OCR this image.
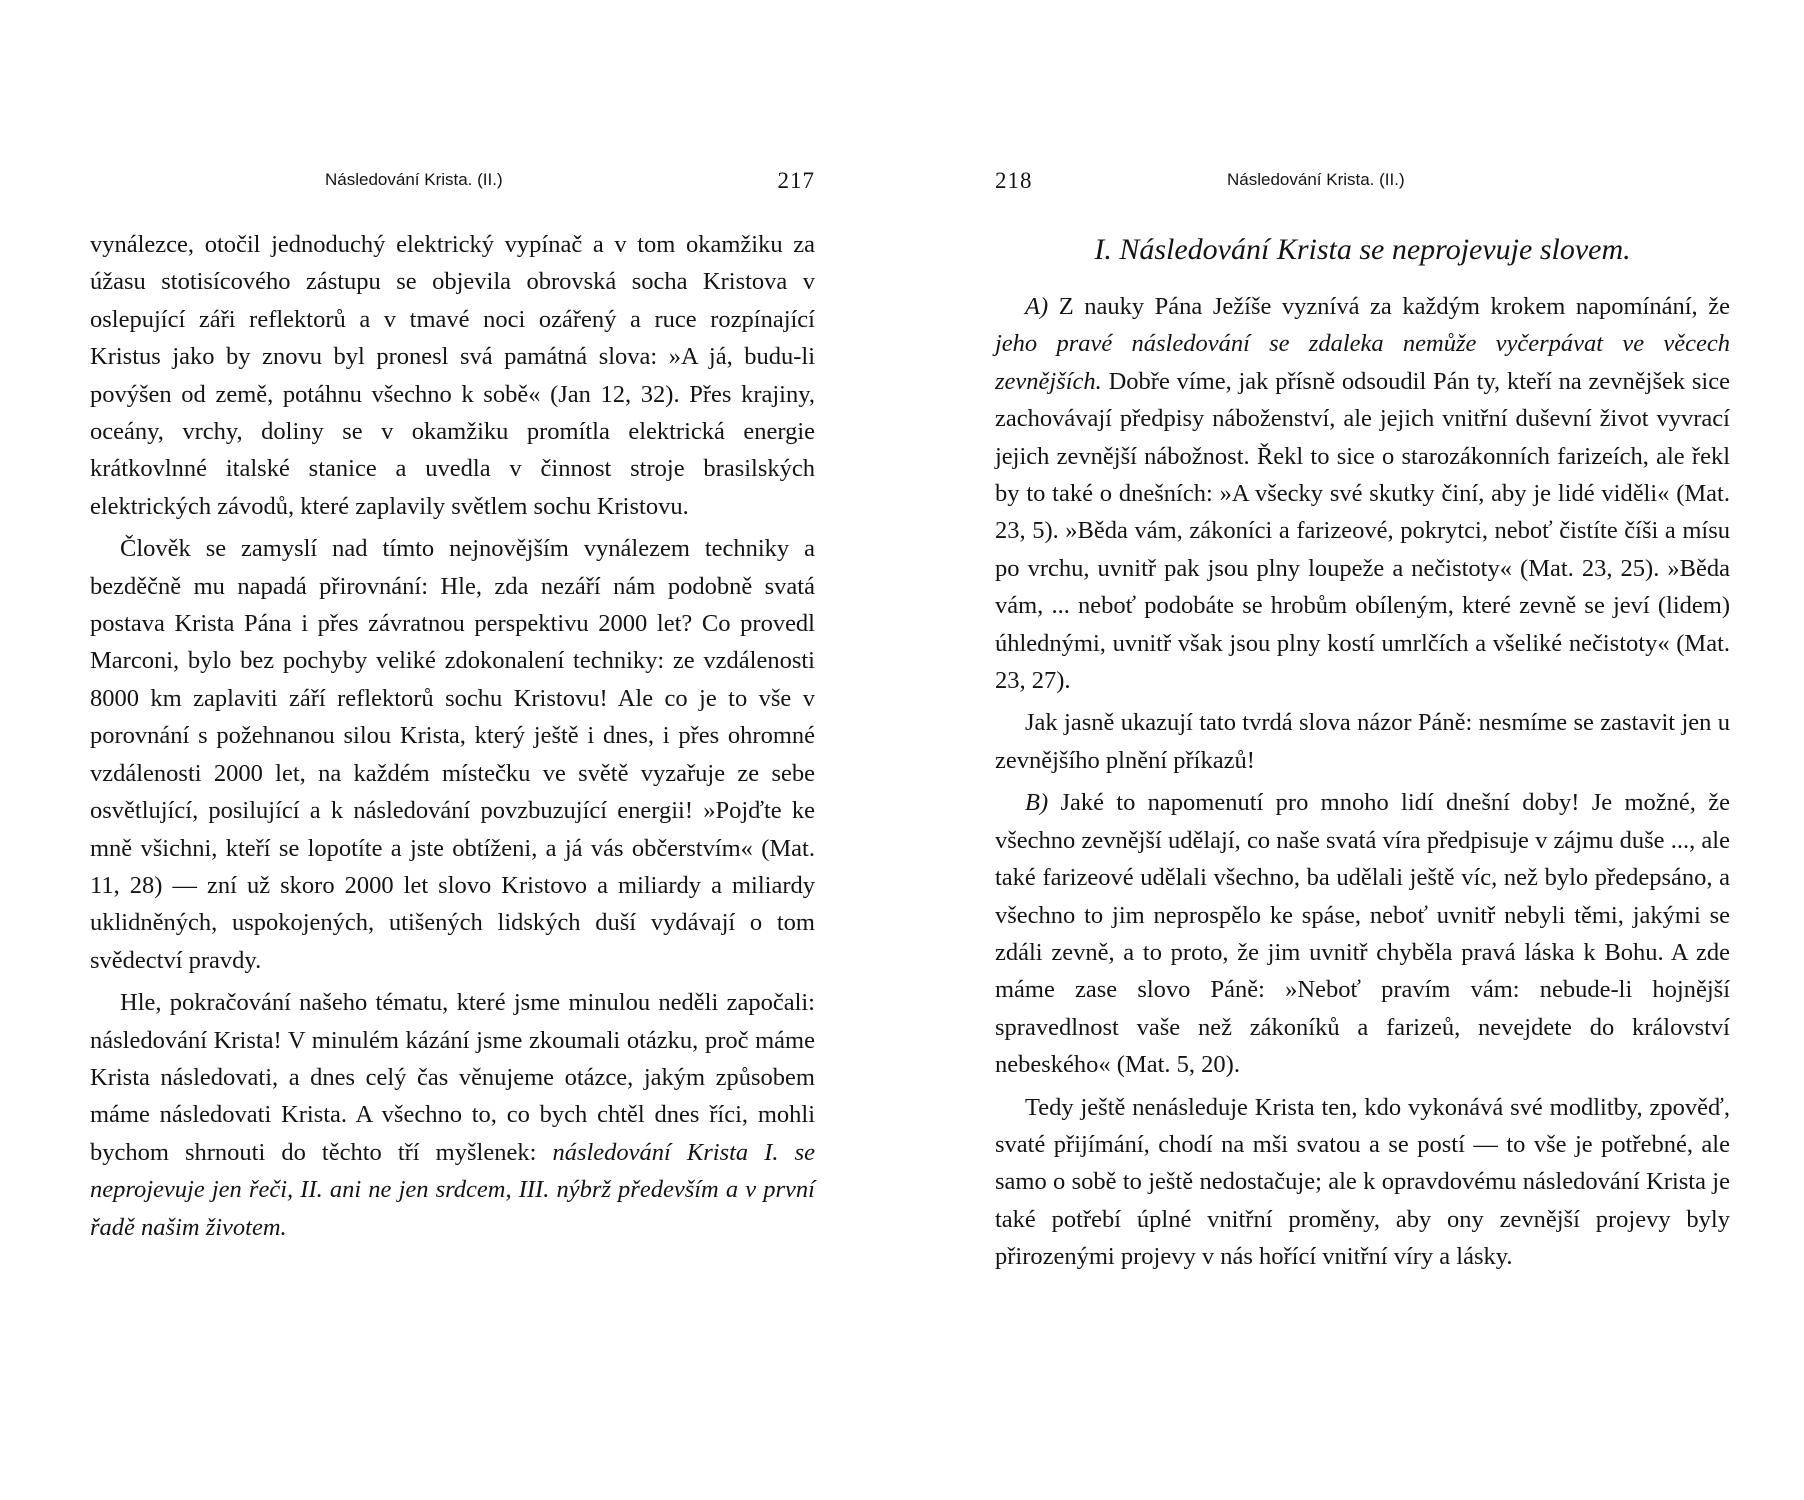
Následování Krista. (II.)	217

vynálezce, otočil jednoduchý elektrický vypínač a v tom okamžiku za úžasu stotisícového zástupu se objevila obrovská socha Kristova v oslepující záři reflektorů a v tmavé noci ozářený a ruce rozpínající Kristus jako by znovu byl pronesl svá památná slova: »A já, budu-li povýšen od země, potáhnu všechno k sobě« (Jan 12, 32). Přes krajiny, oceány, vrchy, doliny se v okamžiku promítla elektrická energie krátkovlnné italské stanice a uvedla v činnost stroje brasilských elektrických závodů, které zaplavily světlem sochu Kristovu.

Člověk se zamyslí nad tímto nejnovějším vynálezem techniky a bezděčně mu napadá přirovnání: Hle, zda nezáří nám podobně svatá postava Krista Pána i přes závratnou perspektivu 2000 let? Co provedl Marconi, bylo bez pochyby veliké zdokonalení techniky: ze vzdálenosti 8000 km zaplaviti září reflektorů sochu Kristovu! Ale co je to vše v porovnání s požehnanou silou Krista, který ještě i dnes, i přes ohromné vzdálenosti 2000 let, na každém místečku ve světě vyzařuje ze sebe osvětlující, posilující a k následování povzbuzující energii! »Pojďte ke mně všichni, kteří se lopotíte a jste obtíženi, a já vás občerstvím« (Mat. 11, 28) — zní už skoro 2000 let slovo Kristovo a miliardy a miliardy uklidněných, uspokojených, utišených lidských duší vydávají o tom svědectví pravdy.

Hle, pokračování našeho tématu, které jsme minulou neděli započali: následování Krista! V minulém kázání jsme zkoumali otázku, proč máme Krista následovati, a dnes celý čas věnujeme otázce, jakým způsobem máme následovati Krista. A všechno to, co bych chtěl dnes říci, mohli bychom shrnouti do těchto tří myšlenek: následování Krista I. se neprojevuje jen řeči, II. ani ne jen srdcem, III. nýbrž především a v první řadě našim životem.

218	Následování Krista. (II.)
I. Následování Krista se neprojevuje slovem.

A) Z nauky Pána Ježíše vyznívá za každým krokem napomínání, že jeho pravé následování se zdaleka nemůže vyčerpávat ve věcech zevnějších. Dobře víme, jak přísně odsoudil Pán ty, kteří na zevnějšek sice zachovávají předpisy náboženství, ale jejich vnitřní duševní život vyvrací jejich zevnější nábožnost. Řekl to sice o starozákonních farizeích, ale řekl by to také o dnešních: »A všecky své skutky činí, aby je lidé viděli« (Mat. 23, 5). »Běda vám, zákoníci a farizeové, pokrytci, neboť čistíte číši a mísu po vrchu, uvnitř pak jsou plny loupeže a nečistoty« (Mat. 23, 25). »Běda vám, ... neboť podobáte se hrobům obíleným, které zevně se jeví (lidem) úhlednými, uvnitř však jsou plny kostí umrlčích a všeliké nečistoty« (Mat. 23, 27).

Jak jasně ukazují tato tvrdá slova názor Páně: nesmíme se zastavit jen u zevnějšího plnění příkazů!

B) Jaké to napomenutí pro mnoho lidí dnešní doby! Je možné, že všechno zevnější udělají, co naše svatá víra předpisuje v zájmu duše ..., ale také farizeové udělali všechno, ba udělali ještě víc, než bylo předepsáno, a všechno to jim neprospělo ke spáse, neboť uvnitř nebyli těmi, jakými se zdáli zevně, a to proto, že jim uvnitř chyběla pravá láska k Bohu. A zde máme zase slovo Páně: »Neboť pravím vám: nebude-li hojnější spravedlnost vaše než zákoníků a farizeů, nevejdete do království nebeského« (Mat. 5, 20).

Tedy ještě nenásleduje Krista ten, kdo vykonává své modlitby, zpověď, svaté přijímání, chodí na mši svatou a se postí — to vše je potřebné, ale samo o sobě to ještě nedostačuje; ale k opravdovému následování Krista je také potřebí úplné vnitřní proměny, aby ony zevnější projevy byly přirozenými projevy v nás hořící vnitřní víry a lásky.
